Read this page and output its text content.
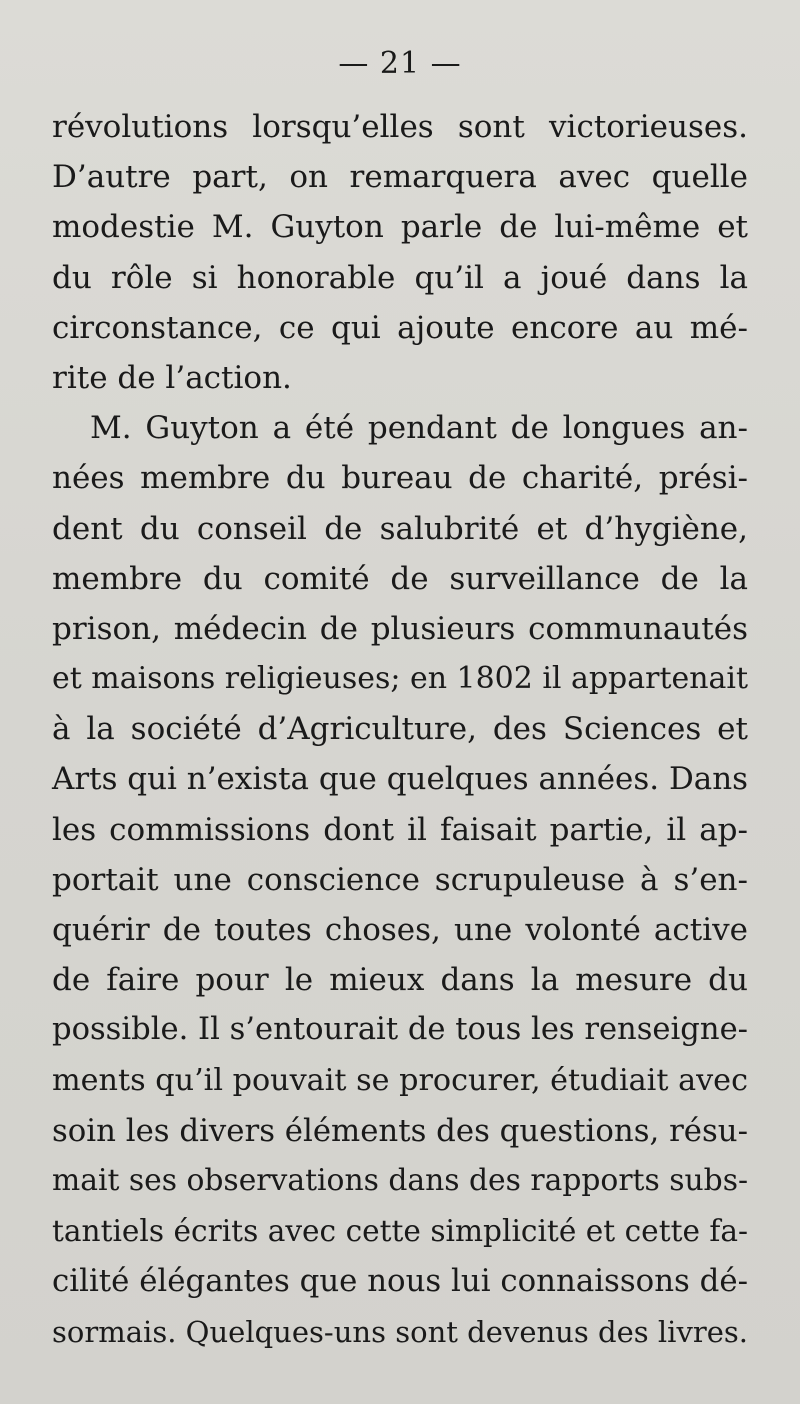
— 21 —
révolutions lorsqu’elles sont victorieuses.
D’autre part, on remarquera avec quelle
modestie M. Guyton parle de lui-même et
du rôle si honorable qu’il a joué dans la
circonstance, ce qui ajoute encore au mé-
rite de l’action.
M. Guyton a été pendant de longues an-
nées membre du bureau de charité, prési-
dent du conseil de salubrité et d’hygiène,
membre du comité de surveillance de la
prison, médecin de plusieurs communautés
et maisons religieuses; en 1802 il appartenait
à la société d’Agriculture, des Sciences et
Arts qui n’exista que quelques années. Dans
les commissions dont il faisait partie, il ap-
portait une conscience scrupuleuse à s’en-
quérir de toutes choses, une volonté active
de faire pour le mieux dans la mesure du
possible. Il s’entourait de tous les renseigne-
ments qu’il pouvait se procurer, étudiait avec
soin les divers éléments des questions, résu-
mait ses observations dans des rapports subs-
tantiels écrits avec cette simplicité et cette fa-
cilité élégantes que nous lui connaissons dé-
sormais. Quelques-uns sont devenus des livres.
